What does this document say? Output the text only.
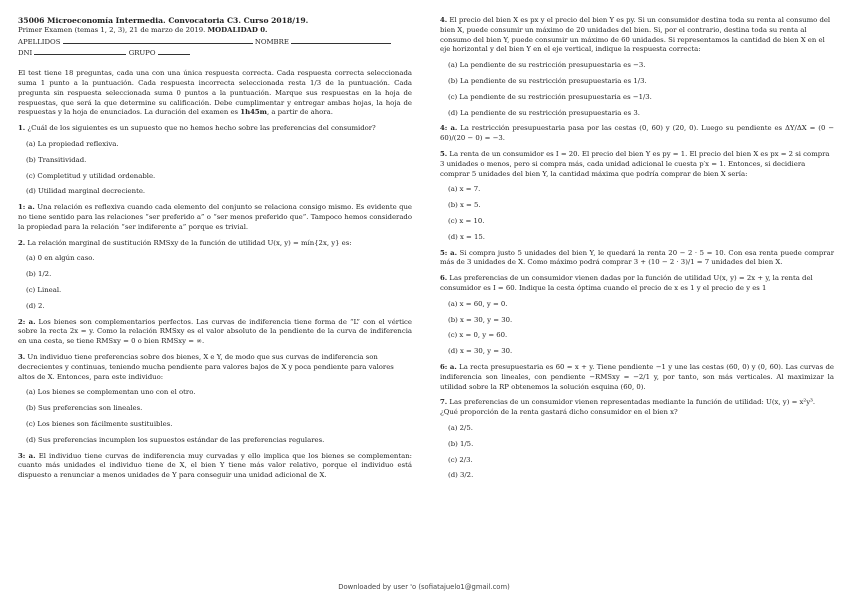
35006 Microeconomía Intermedia. Convocatoria C3. Curso 2018/19.
Primer Examen (temas 1, 2, 3), 21 de marzo de 2019. MODALIDAD 0.
APELLIDOS	NOMBRE
DNI	GRUPO
El test tiene 18 preguntas, cada una con una única respuesta correcta. Cada respuesta correcta seleccionada suma 1 punto a la puntuación. Cada respuesta incorrecta seleccionada resta 1/3 de la puntuación. Cada pregunta sin respuesta seleccionada suma 0 puntos a la puntuación. Marque sus respuestas en la hoja de respuestas, que será la que determine su calificación. Debe cumplimentar y entregar ambas hojas, la hoja de respuestas y la hoja de enunciados. La duración del examen es 1h45m, a partir de ahora.
1. ¿Cuál de los siguientes es un supuesto que no hemos hecho sobre las preferencias del consumidor?
(a) La propiedad reflexiva.
(b) Transitividad.
(c) Completitud y utilidad ordenable.
(d) Utilidad marginal decreciente.
1: a. Una relación es reflexiva cuando cada elemento del conjunto se relaciona consigo mismo. Es evidente que no tiene sentido para las relaciones “ser preferido a” o “ser menos preferido que”. Tampoco hemos considerado la propiedad para la relación “ser indiferente a” porque es trivial.
2. La relación marginal de sustitución RMSxy de la función de utilidad U(x, y) = mín{2x, y} es:
(a) 0 en algún caso.
(b) 1/2.
(c) Lineal.
(d) 2.
2: a. Los bienes son complementarios perfectos. Las curvas de indiferencia tiene forma de “L” con el vértice sobre la recta 2x = y. Como la relación RMSxy es el valor absoluto de la pendiente de la curva de indiferencia en una cesta, se tiene RMSxy = 0 o bien RMSxy = ∞.
3. Un individuo tiene preferencias sobre dos bienes, X e Y, de modo que sus curvas de indiferencia son decrecientes y continuas, teniendo mucha pendiente para valores bajos de X y poca pendiente para valores altos de X. Entonces, para este individuo:
(a) Los bienes se complementan uno con el otro.
(b) Sus preferencias son lineales.
(c) Los bienes son fácilmente sustituibles.
(d) Sus preferencias incumplen los supuestos estándar de las preferencias regulares.
3: a. El individuo tiene curvas de indiferencia muy curvadas y ello implica que los bienes se complementan: cuanto más unidades el individuo tiene de X, el bien Y tiene más valor relativo, porque el individuo está dispuesto a renunciar a menos unidades de Y para conseguir una unidad adicional de X.
4. El precio del bien X es px y el precio del bien Y es py. Si un consumidor destina toda su renta al consumo del bien X, puede consumir un máximo de 20 unidades del bien. Si, por el contrario, destina toda su renta al consumo del bien Y, puede consumir un máximo de 60 unidades. Si representamos la cantidad de bien X en el eje horizontal y del bien Y en el eje vertical, indique la respuesta correcta:
(a) La pendiente de su restricción presupuestaria es −3.
(b) La pendiente de su restricción presupuestaria es 1/3.
(c) La pendiente de su restricción presupuestaria es −1/3.
(d) La pendiente de su restricción presupuestaria es 3.
4: a. La restricción presupuestaria pasa por las cestas (0, 60) y (20, 0). Luego su pendiente es ΔY/ΔX = (0 − 60)/(20 − 0) = −3.
5. La renta de un consumidor es I = 20. El precio del bien Y es py = 1. El precio del bien X es px = 2 si compra 3 unidades o menos, pero si compra más, cada unidad adicional le cuesta p′x = 1. Entonces, si decidiera comprar 5 unidades del bien Y, la cantidad máxima que podría comprar de bien X sería:
(a) x = 7.
(b) x = 5.
(c) x = 10.
(d) x = 15.
5: a. Si compra justo 5 unidades del bien Y, le quedará la renta 20 − 2 · 5 = 10. Con esa renta puede comprar más de 3 unidades de X. Como máximo podrá comprar 3 + (10 − 2 · 3)/1 = 7 unidades del bien X.
6. Las preferencias de un consumidor vienen dadas por la función de utilidad U(x, y) = 2x + y, la renta del consumidor es I = 60. Indique la cesta óptima cuando el precio de x es 1 y el precio de y es 1
(a) x = 60, y = 0.
(b) x = 30, y = 30.
(c) x = 0, y = 60.
(d) x = 30, y = 30.
6: a. La recta presupuestaria es 60 = x + y. Tiene pendiente −1 y une las cestas (60, 0) y (0, 60). Las curvas de indiferencia son lineales, con pendiente −RMSxy = −2/1 y, por tanto, son más verticales. Al maximizar la utilidad sobre la RP obtenemos la solución esquina (60, 0).
7. Las preferencias de un consumidor vienen representadas mediante la función de utilidad: U(x, y) = x²y³. ¿Qué proporción de la renta gastará dicho consumidor en el bien x?
(a) 2/5.
(b) 1/5.
(c) 2/3.
(d) 3/2.
Downloaded by user 'o (sofiatajuelo1@gmail.com)
